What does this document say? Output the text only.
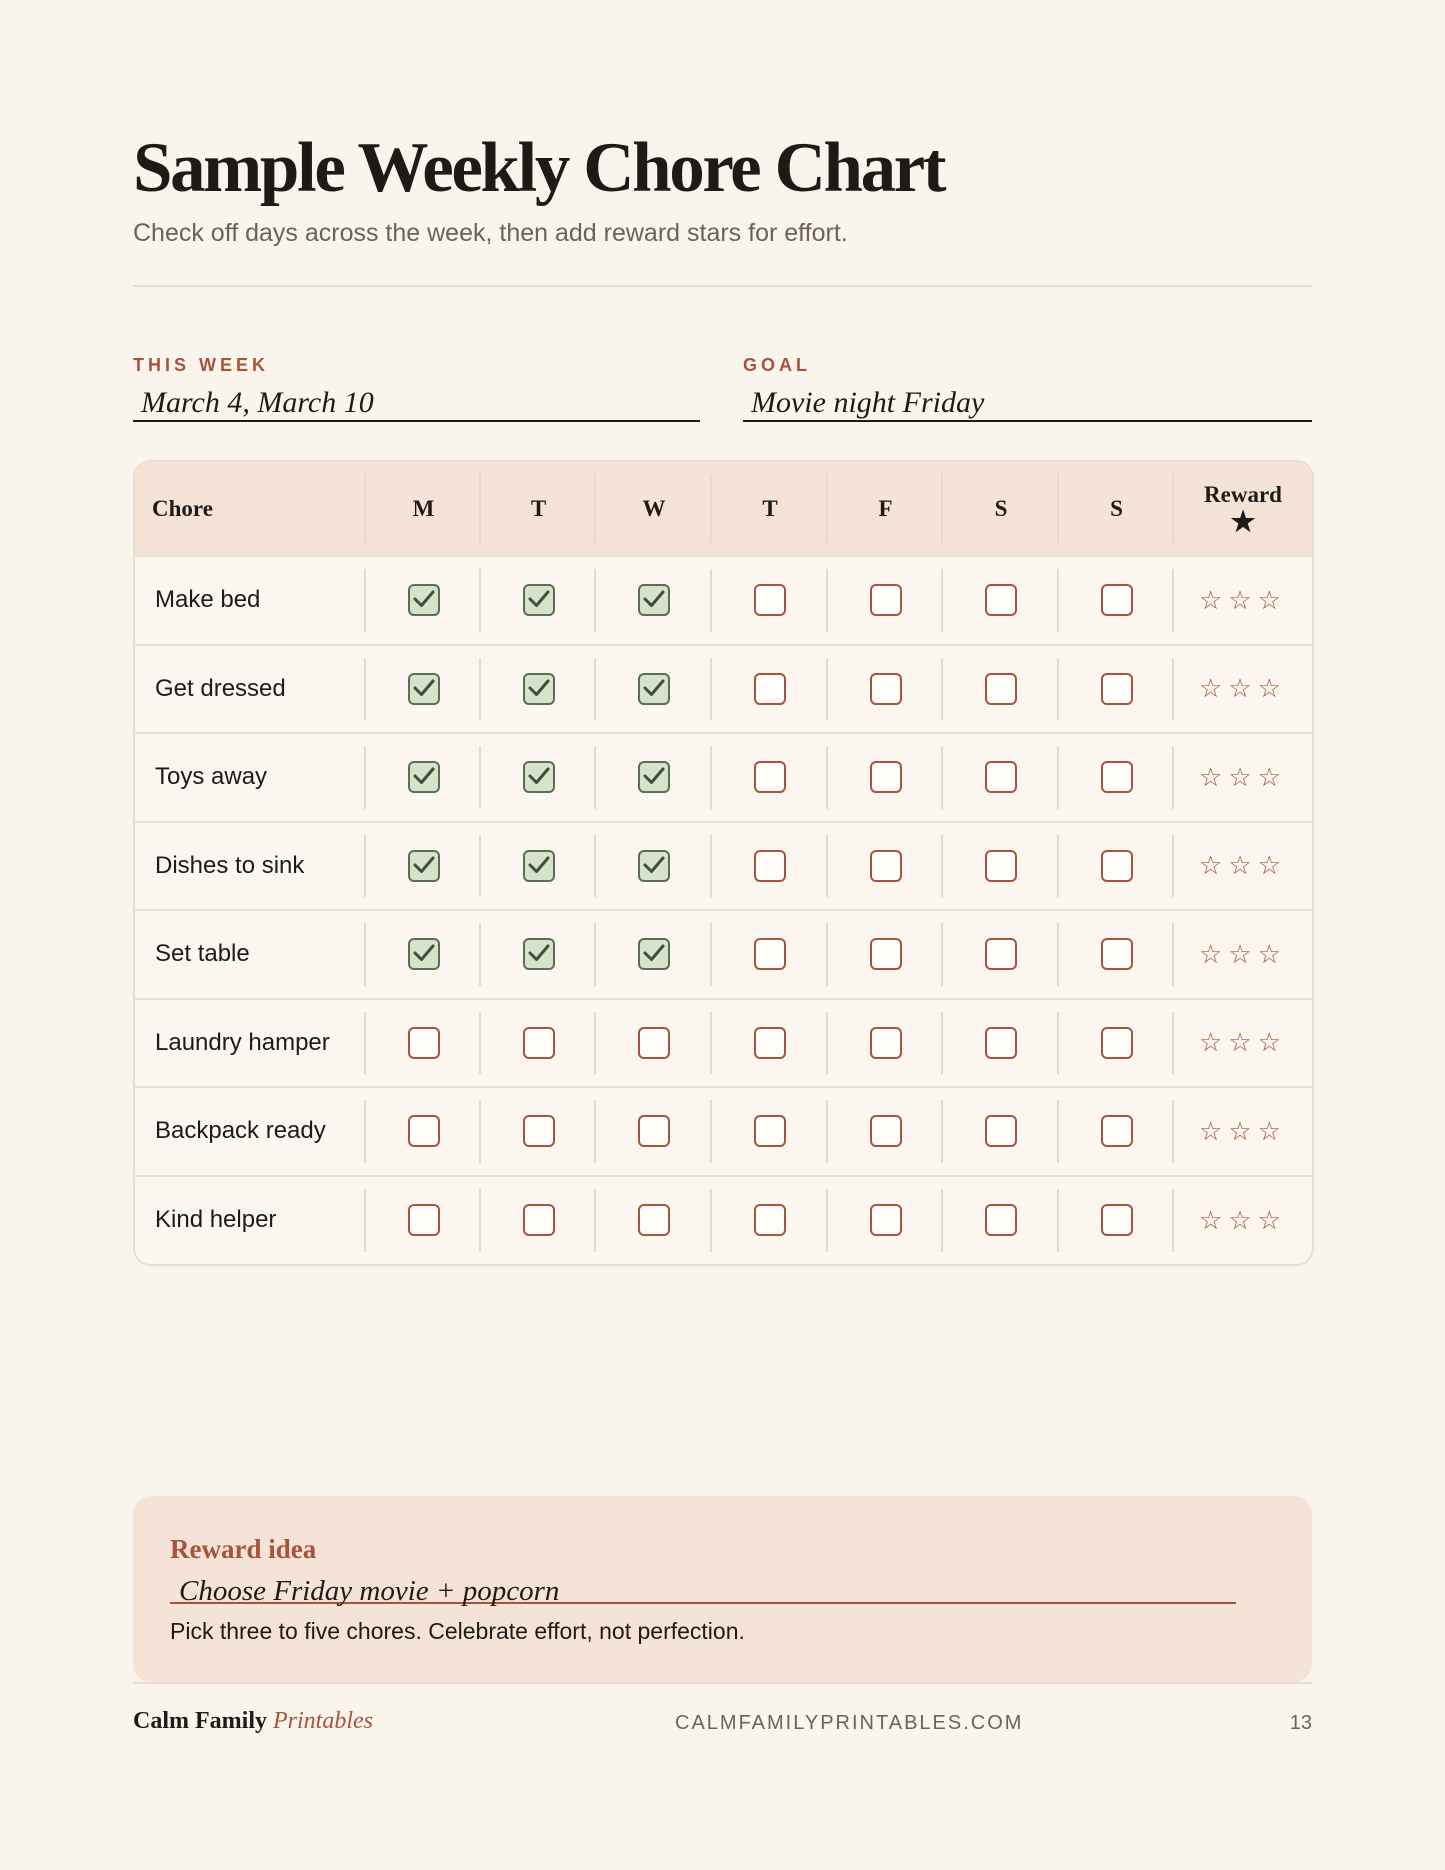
Sample Weekly Chore Chart
Check off days across the week, then add reward stars for effort.
THIS WEEK
March 4, March 10
GOAL
Movie night Friday
Chore	M	T	W	T	F	S	S	Reward
★

Make bed								☆☆☆
Get dressed								☆☆☆
Toys away								☆☆☆
Dishes to sink								☆☆☆
Set table								☆☆☆
Laundry hamper								☆☆☆
Backpack ready								☆☆☆
Kind helper								☆☆☆
Reward idea
Choose Friday movie + popcorn
Pick three to five chores. Celebrate effort, not perfection.
Calm Family Printables	CALMFAMILYPRINTABLES.COM	13
